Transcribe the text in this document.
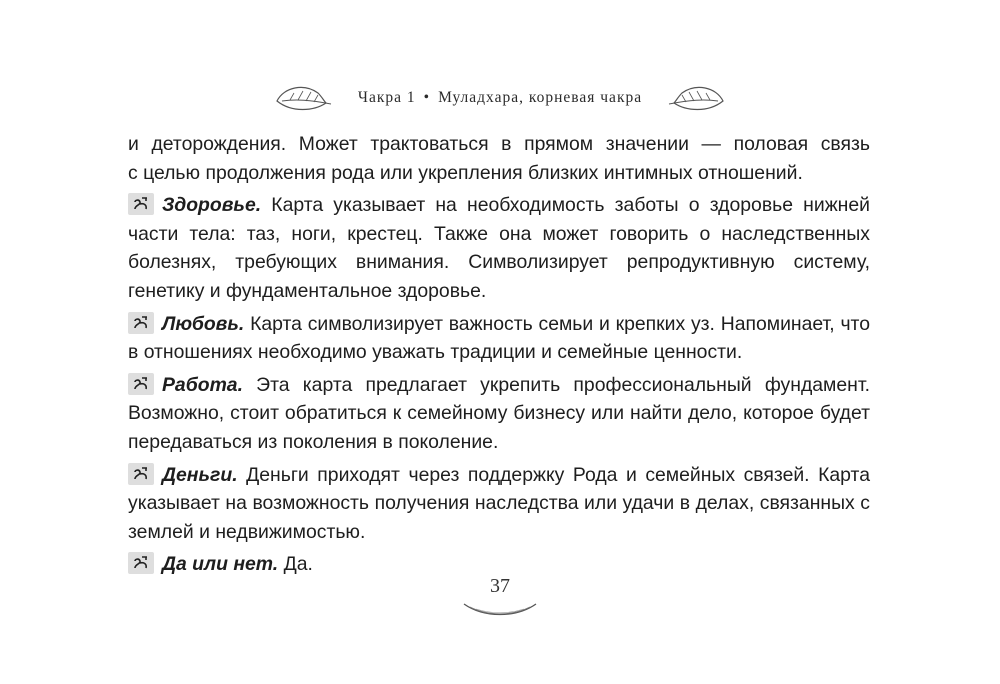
Чакра 1 • Муладхара, корневая чакра

и деторождения. Может трактоваться в прямом значении — половая связь
с целью продолжения рода или укрепления близких интимных отношений.

Здоровье. Карта указывает на необходимость заботы о здоровье нижней части тела: таз, ноги, крестец. Также она может говорить о наследственных болезнях, требующих внимания. Символизирует репродуктивную систему, генетику и фундаментальное здоровье.

Любовь. Карта символизирует важность семьи и крепких уз. Напоминает, что в отношениях необходимо уважать традиции и семейные ценности.

Работа. Эта карта предлагает укрепить профессиональный фундамент. Возможно, стоит обратиться к семейному бизнесу или найти дело, которое будет передаваться из поколения в поколение.

Деньги. Деньги приходят через поддержку Рода и семейных связей. Карта указывает на возможность получения наследства или удачи в делах, связанных с землей и недвижимостью.

Да или нет. Да.

37
